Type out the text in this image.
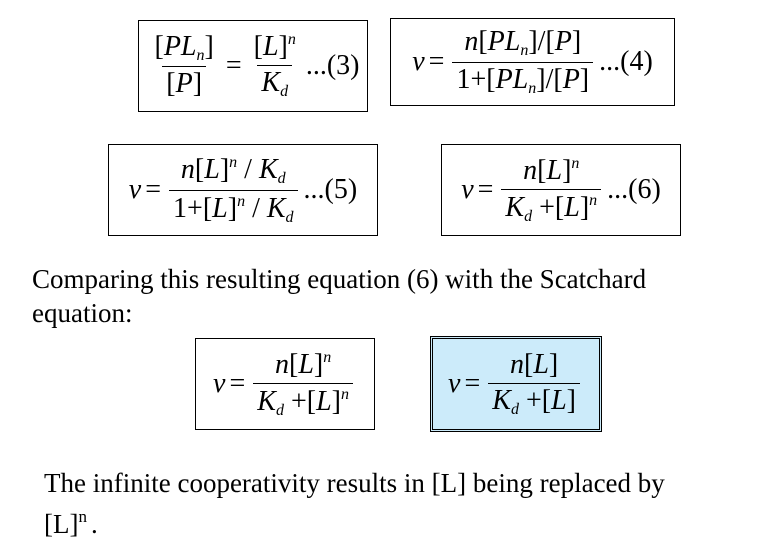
$\frac{[PL_n]}{[P]} = \frac{[L]^n}{K_d} ...(3) \nu = \frac{n[PL_n]/[P]}{1+[PL_n]/[P]} ...(4)$
$\nu = \frac{n[L]^n / K_d}{1+[L]^n / K_d} ...(5)$	$\nu = \frac{n[L]^n}{K_d +[L]^n} ...(6)$

Comparing this resulting equation (6) with the Scatchard equation:

$\nu = \frac{n[L]^n}{K_d +[L]^n}$	$\nu = \frac{n[L]}{K_d +[L]}$

The infinite cooperativity results in [L] being replaced by
$[L]^n$ .
